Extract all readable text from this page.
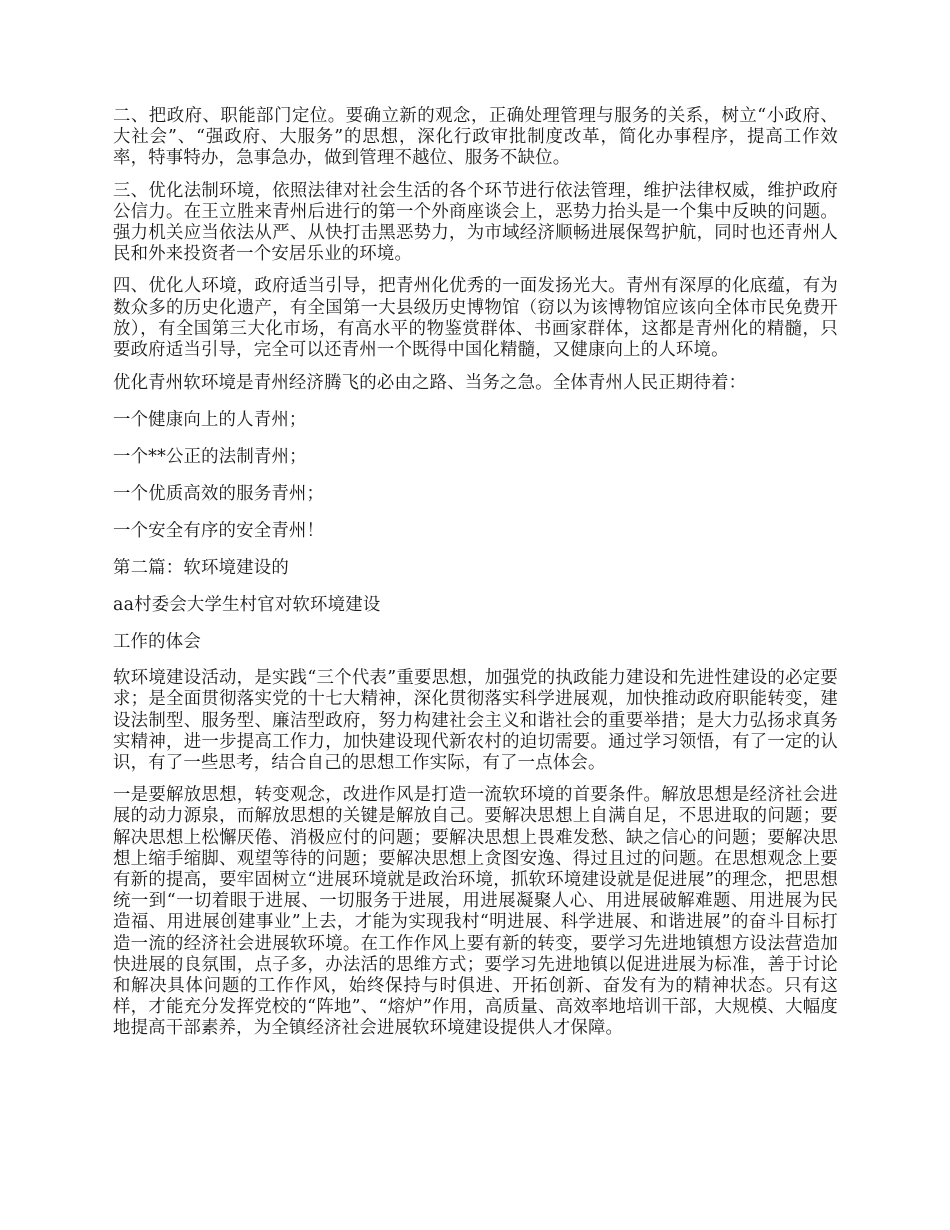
二、把政府、职能部门定位。要确立新的观念，正确处理管理与服务的关系，树立“小政府、大社会”、“强政府、大服务”的思想，深化行政审批制度改革，简化办事程序，提高工作效率，特事特办，急事急办，做到管理不越位、服务不缺位。

三、优化法制环境，依照法律对社会生活的各个环节进行依法管理，维护法律权威，维护政府公信力。在王立胜来青州后进行的第一个外商座谈会上，恶势力抬头是一个集中反映的问题。强力机关应当依法从严、从快打击黑恶势力，为市域经济顺畅进展保驾护航，同时也还青州人民和外来投资者一个安居乐业的环境。

四、优化人环境，政府适当引导，把青州化优秀的一面发扬光大。青州有深厚的化底蕴，有为数众多的历史化遗产，有全国第一大县级历史博物馆（窃以为该博物馆应该向全体市民免费开放），有全国第三大化市场，有高水平的物鉴赏群体、书画家群体，这都是青州化的精髓，只要政府适当引导，完全可以还青州一个既得中国化精髓，又健康向上的人环境。

优化青州软环境是青州经济腾飞的必由之路、当务之急。全体青州人民正期待着：

一个健康向上的人青州；

一个**公正的法制青州；

一个优质高效的服务青州；

一个安全有序的安全青州！

第二篇：软环境建设的

aa村委会大学生村官对软环境建设

工作的体会

软环境建设活动，是实践“三个代表”重要思想，加强党的执政能力建设和先进性建设的必定要求；是全面贯彻落实党的十七大精神，深化贯彻落实科学进展观，加快推动政府职能转变，建设法制型、服务型、廉洁型政府，努力构建社会主义和谐社会的重要举措；是大力弘扬求真务实精神，进一步提高工作力，加快建设现代新农村的迫切需要。通过学习领悟，有了一定的认识，有了一些思考，结合自己的思想工作实际，有了一点体会。

一是要解放思想，转变观念，改进作风是打造一流软环境的首要条件。解放思想是经济社会进展的动力源泉，而解放思想的关键是解放自己。要解决思想上自满自足，不思进取的问题；要解决思想上松懈厌倦、消极应付的问题；要解决思想上畏难发愁、缺之信心的问题；要解决思想上缩手缩脚、观望等待的问题；要解决思想上贪图安逸、得过且过的问题。在思想观念上要有新的提高，要牢固树立“进展环境就是政治环境，抓软环境建设就是促进展”的理念，把思想统一到“一切着眼于进展、一切服务于进展，用进展凝聚人心、用进展破解难题、用进展为民造福、用进展创建事业”上去，才能为实现我村“明进展、科学进展、和谐进展”的奋斗目标打造一流的经济社会进展软环境。在工作作风上要有新的转变，要学习先进地镇想方设法营造加快进展的良氛围，点子多，办法活的思维方式；要学习先进地镇以促进进展为标准，善于讨论和解决具体问题的工作作风，始终保持与时俱进、开拓创新、奋发有为的精神状态。只有这样，才能充分发挥党校的“阵地”、“熔炉”作用，高质量、高效率地培训干部，大规模、大幅度地提高干部素养，为全镇经济社会进展软环境建设提供人才保障。
